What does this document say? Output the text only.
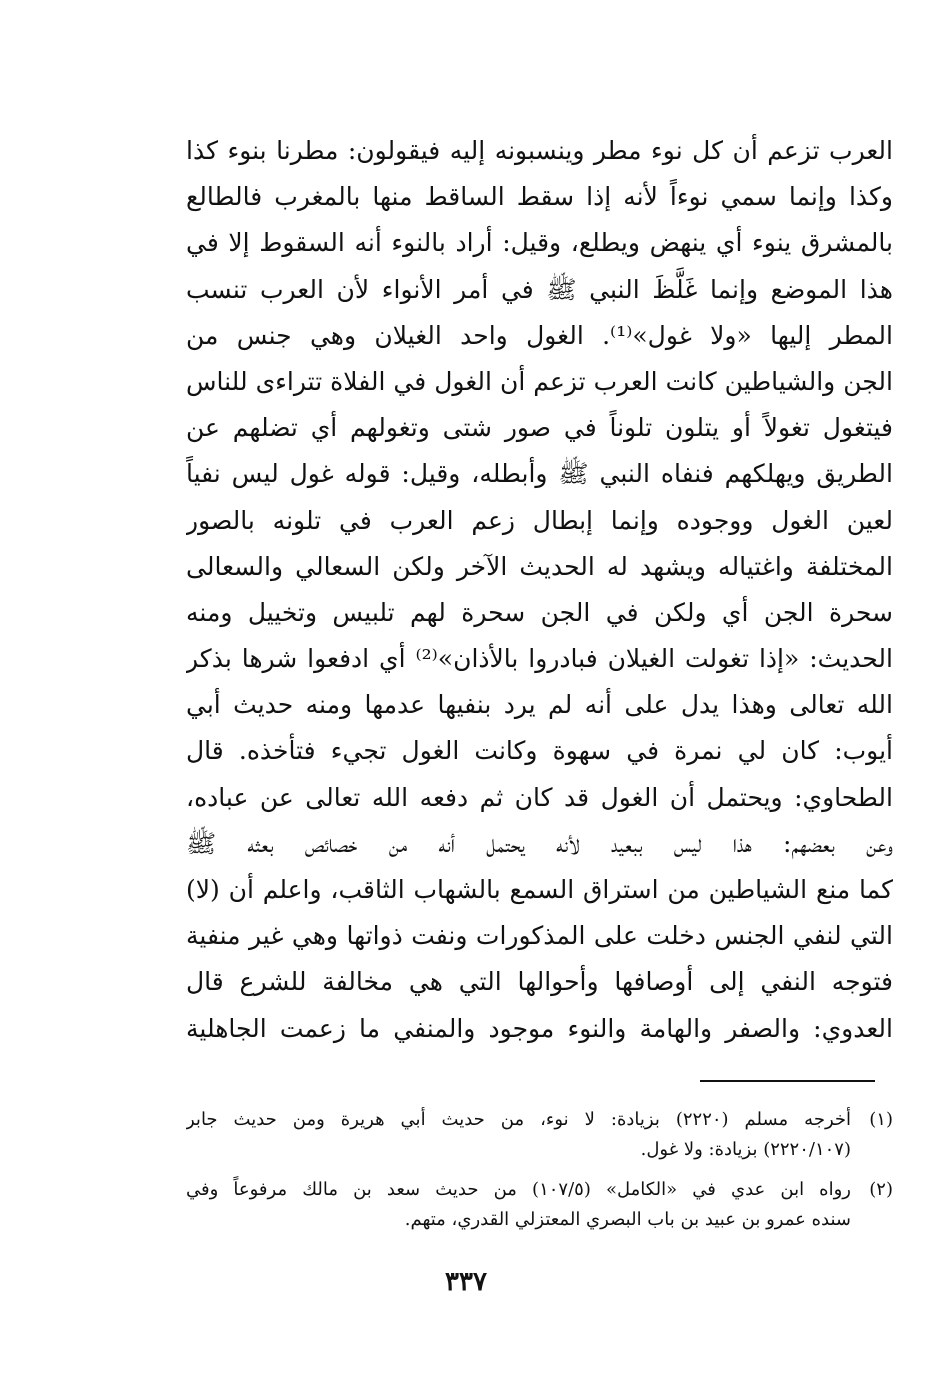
العرب تزعم أن كل نوء مطر وينسبونه إليه فيقولون: مطرنا بنوء كذا
وكذا وإنما سمي نوءاً لأنه إذا سقط الساقط منها بالمغرب فالطالع
بالمشرق ينوء أي ينهض ويطلع، وقيل: أراد بالنوء أنه السقوط إلا في
هذا الموضع وإنما غَلَّظَ النبي ﷺ في أمر الأنواء لأن العرب تنسب
المطر إليها «ولا غول»⁽¹⁾. الغول واحد الغيلان وهي جنس من
الجن والشياطين كانت العرب تزعم أن الغول في الفلاة تتراءى للناس
فيتغول تغولاً أو يتلون تلوناً في صور شتى وتغولهم أي تضلهم عن
الطريق ويهلكهم فنفاه النبي ﷺ وأبطله، وقيل: قوله غول ليس نفياً
لعين الغول ووجوده وإنما إبطال زعم العرب في تلونه بالصور
المختلفة واغتياله ويشهد له الحديث الآخر ولكن السعالي والسعالى
سحرة الجن أي ولكن في الجن سحرة لهم تلبيس وتخييل ومنه
الحديث: «إذا تغولت الغيلان فبادروا بالأذان»⁽²⁾ أي ادفعوا شرها بذكر
الله تعالى وهذا يدل على أنه لم يرد بنفيها عدمها ومنه حديث أبي
أيوب: كان لي نمرة في سهوة وكانت الغول تجيء فتأخذه. قال
الطحاوي: ويحتمل أن الغول قد كان ثم دفعه الله تعالى عن عباده،
وعن بعضهم: هذا ليس ببعيد لأنه يحتمل أنه من خصائص بعثه ﷺ
كما منع الشياطين من استراق السمع بالشهاب الثاقب، واعلم أن (لا)
التي لنفي الجنس دخلت على المذكورات ونفت ذواتها وهي غير منفية
فتوجه النفي إلى أوصافها وأحوالها التي هي مخالفة للشرع قال
العدوي: والصفر والهامة والنوء موجود والمنفي ما زعمت الجاهلية
(١)
أخرجه مسلم (٢٢٢٠) بزيادة: لا نوء، من حديث أبي هريرة ومن حديث جابر
(٢٢٢٠/١٠٧) بزيادة: ولا غول.
(٢)
رواه ابن عدي في «الكامل» (١٠٧/٥) من حديث سعد بن مالك مرفوعاً وفي
سنده عمرو بن عبيد بن باب البصري المعتزلي القدري، متهم.
٣٣٧
